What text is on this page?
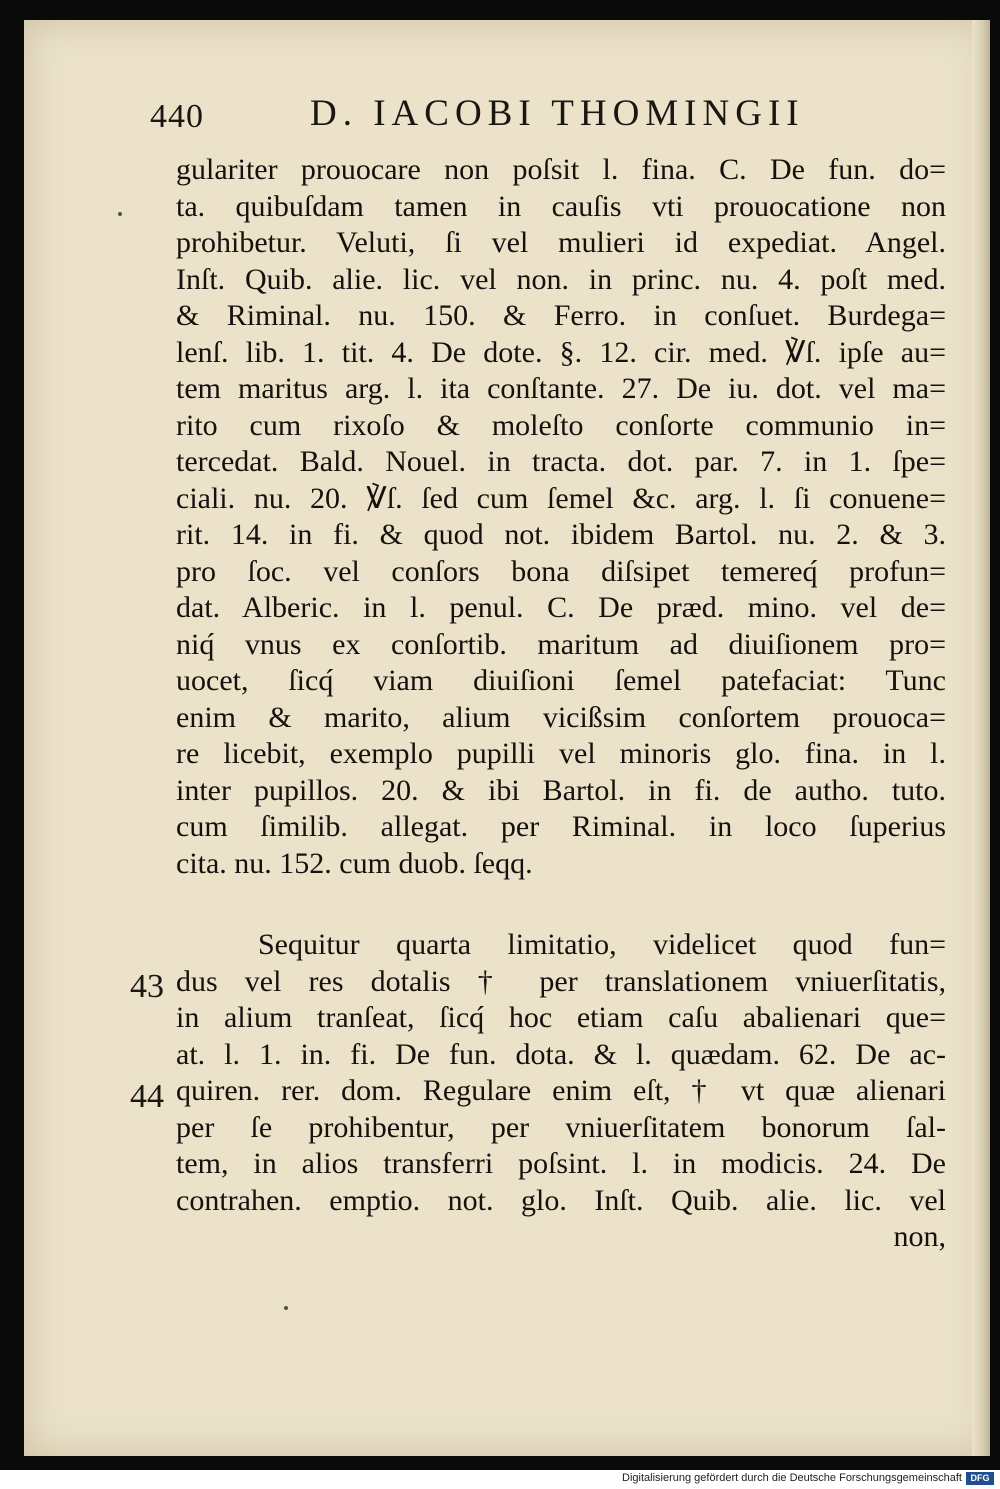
440	D. IACOBI THOMINGII
gulariter prouocare non poſsit l. fina. C. De fun. do=
ta. quibuſdam tamen in cauſis vti prouocatione non
prohibetur. Veluti, ſi vel mulieri id expediat. Angel.
Inſt. Quib. alie. lic. vel non. in princ. nu. 4. poſt med.
& Riminal. nu. 150. & Ferro. in conſuet. Burdega=
lenſ. lib. 1. tit. 4. De dote. §. 12. cir. med. ℣ſ. ipſe au=
tem maritus arg. l. ita conſtante. 27. De iu. dot. vel ma=
rito cum rixoſo & moleſto conſorte communio in=
tercedat. Bald. Nouel. in tracta. dot. par. 7. in 1. ſpe=
ciali. nu. 20. ℣ſ. ſed cum ſemel &c. arg. l. ſi conuene=
rit. 14. in fi. & quod not. ibidem Bartol. nu. 2. & 3.
pro ſoc. vel conſors bona diſsipet temereq́ profun=
dat. Alberic. in l. penul. C. De præd. mino. vel de=
niq́ vnus ex conſortib. maritum ad diuiſionem pro=
uocet, ſicq́ viam diuiſioni ſemel patefaciat: Tunc
enim & marito, alium vicißsim conſortem prouoca=
re licebit, exemplo pupilli vel minoris glo. fina. in l.
inter pupillos. 20. & ibi Bartol. in fi. de autho. tuto.
cum ſimilib. allegat. per Riminal. in loco ſuperius
cita. nu. 152. cum duob. ſeqq.
Sequitur quarta limitatio, videlicet quod fun=
dus vel res dotalis † per translationem vniuerſitatis,
in alium tranſeat, ſicq́ hoc etiam caſu abalienari que=
at. l. 1. in. fi. De fun. dota. & l. quædam. 62. De ac-
quiren. rer. dom. Regulare enim eſt, † vt quæ alienari
per ſe prohibentur, per vniuerſitatem bonorum ſal-
tem, in alios transferri poſsint. l. in modicis. 24. De
contrahen. emptio. not. glo. Inſt. Quib. alie. lic. vel
non,
43
44
Digitalisierung gefördert durch die Deutsche Forschungsgemeinschaft DFG
